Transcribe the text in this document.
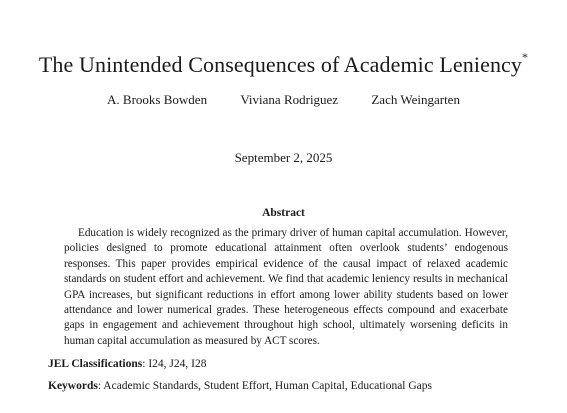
The Unintended Consequences of Academic Leniency*
A. Brooks Bowden	Viviana Rodriguez	Zach Weingarten
September 2, 2025
Abstract
Education is widely recognized as the primary driver of human capital accumulation. However, policies designed to promote educational attainment often overlook students’ endogenous responses. This paper provides empirical evidence of the causal impact of relaxed academic standards on student effort and achievement. We find that academic leniency results in mechanical GPA increases, but significant reductions in effort among lower ability students based on lower attendance and lower numerical grades. These heterogeneous effects compound and exacerbate gaps in engagement and achievement throughout high school, ultimately worsening deficits in human capital accumulation as measured by ACT scores.
JEL Classifications: I24, J24, I28
Keywords: Academic Standards, Student Effort, Human Capital, Educational Gaps
